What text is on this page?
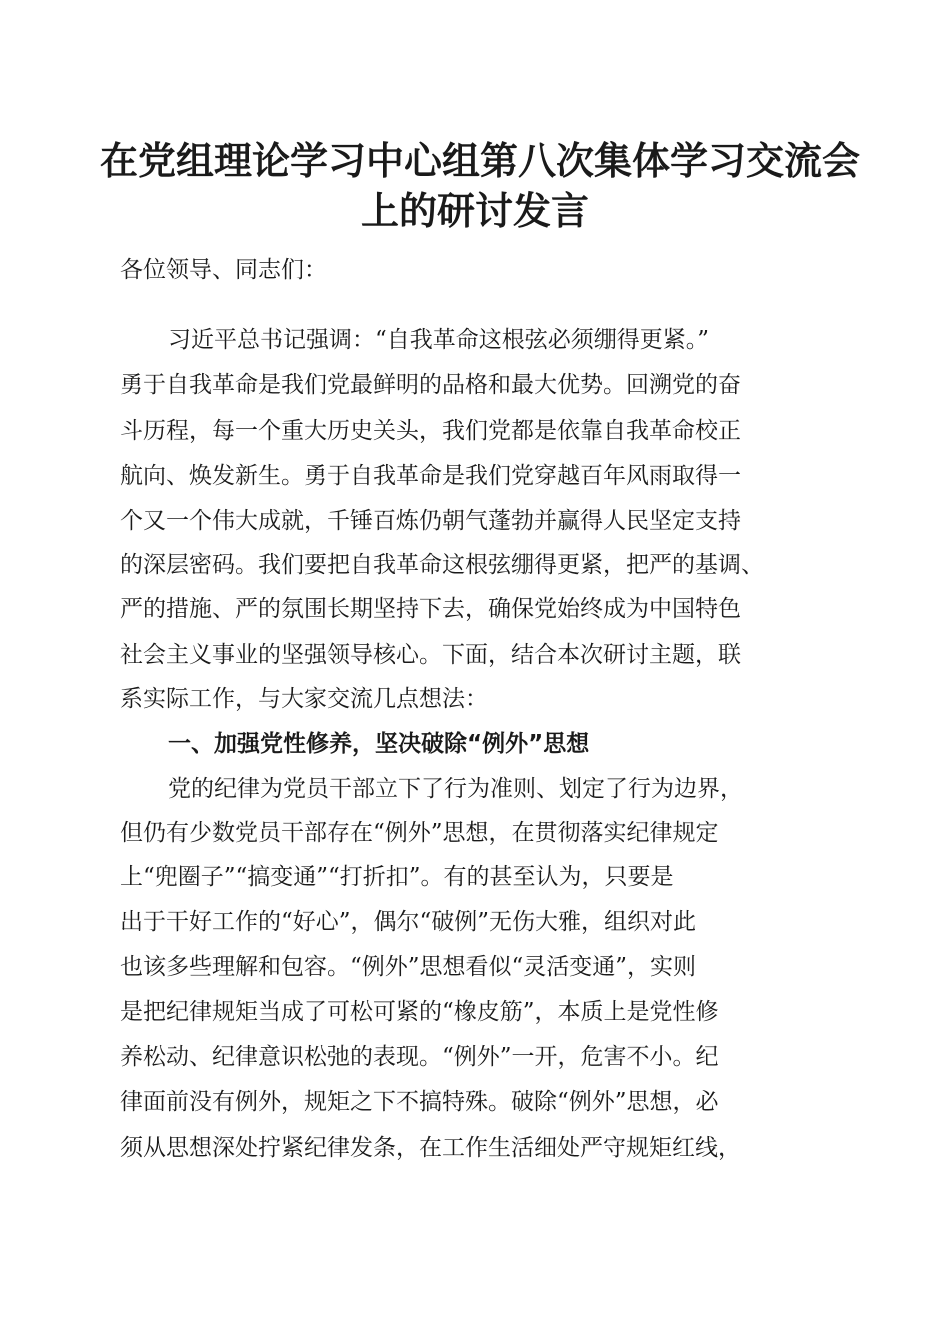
在党组理论学习中心组第八次集体学习交流会
上的研讨发言
各位领导、同志们：
习近平总书记强调：“自我革命这根弦必须绷得更紧。”
勇于自我革命是我们党最鲜明的品格和最大优势。回溯党的奋
斗历程，每一个重大历史关头，我们党都是依靠自我革命校正
航向、焕发新生。勇于自我革命是我们党穿越百年风雨取得一
个又一个伟大成就，千锤百炼仍朝气蓬勃并赢得人民坚定支持
的深层密码。我们要把自我革命这根弦绷得更紧，把严的基调、
严的措施、严的氛围长期坚持下去，确保党始终成为中国特色
社会主义事业的坚强领导核心。下面，结合本次研讨主题，联
系实际工作，与大家交流几点想法：
一、加强党性修养，坚决破除“例外”思想
党的纪律为党员干部立下了行为准则、划定了行为边界，
但仍有少数党员干部存在“例外”思想，在贯彻落实纪律规定
上“兜圈子”“搞变通”“打折扣”。有的甚至认为，只要是
出于干好工作的“好心”，偶尔“破例”无伤大雅，组织对此
也该多些理解和包容。“例外”思想看似“灵活变通”，实则
是把纪律规矩当成了可松可紧的“橡皮筋”，本质上是党性修
养松动、纪律意识松弛的表现。“例外”一开，危害不小。纪
律面前没有例外，规矩之下不搞特殊。破除“例外”思想，必
须从思想深处拧紧纪律发条，在工作生活细处严守规矩红线，
